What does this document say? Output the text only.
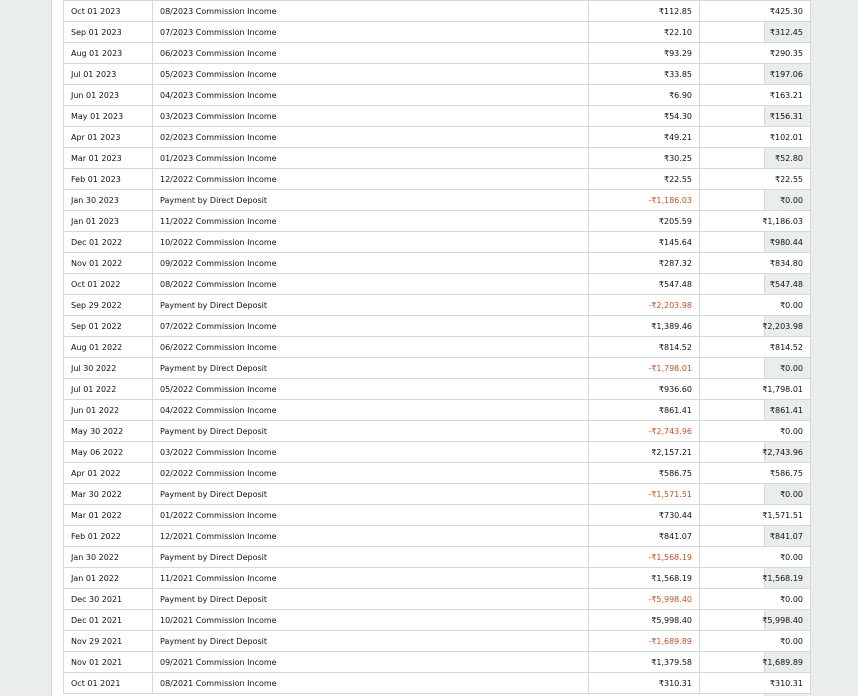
Oct 01 2023	08/2023 Commission Income	₹112.85	₹425.30
Sep 01 2023	07/2023 Commission Income	₹22.10	₹312.45
Aug 01 2023	06/2023 Commission Income	₹93.29	₹290.35
Jul 01 2023	05/2023 Commission Income	₹33.85	₹197.06
Jun 01 2023	04/2023 Commission Income	₹6.90	₹163.21
May 01 2023	03/2023 Commission Income	₹54.30	₹156.31
Apr 01 2023	02/2023 Commission Income	₹49.21	₹102.01
Mar 01 2023	01/2023 Commission Income	₹30.25	₹52.80
Feb 01 2023	12/2022 Commission Income	₹22.55	₹22.55
Jan 30 2023	Payment by Direct Deposit	-₹1,186.03	₹0.00
Jan 01 2023	11/2022 Commission Income	₹205.59	₹1,186.03
Dec 01 2022	10/2022 Commission Income	₹145.64	₹980.44
Nov 01 2022	09/2022 Commission Income	₹287.32	₹834.80
Oct 01 2022	08/2022 Commission Income	₹547.48	₹547.48
Sep 29 2022	Payment by Direct Deposit	-₹2,203.98	₹0.00
Sep 01 2022	07/2022 Commission Income	₹1,389.46	₹2,203.98
Aug 01 2022	06/2022 Commission Income	₹814.52	₹814.52
Jul 30 2022	Payment by Direct Deposit	-₹1,798.01	₹0.00
Jul 01 2022	05/2022 Commission Income	₹936.60	₹1,798.01
Jun 01 2022	04/2022 Commission Income	₹861.41	₹861.41
May 30 2022	Payment by Direct Deposit	-₹2,743.96	₹0.00
May 06 2022	03/2022 Commission Income	₹2,157.21	₹2,743.96
Apr 01 2022	02/2022 Commission Income	₹586.75	₹586.75
Mar 30 2022	Payment by Direct Deposit	-₹1,571.51	₹0.00
Mar 01 2022	01/2022 Commission Income	₹730.44	₹1,571.51
Feb 01 2022	12/2021 Commission Income	₹841.07	₹841.07
Jan 30 2022	Payment by Direct Deposit	-₹1,568.19	₹0.00
Jan 01 2022	11/2021 Commission Income	₹1,568.19	₹1,568.19
Dec 30 2021	Payment by Direct Deposit	-₹5,998.40	₹0.00
Dec 01 2021	10/2021 Commission Income	₹5,998.40	₹5,998.40
Nov 29 2021	Payment by Direct Deposit	-₹1,689.89	₹0.00
Nov 01 2021	09/2021 Commission Income	₹1,379.58	₹1,689.89
Oct 01 2021	08/2021 Commission Income	₹310.31	₹310.31
